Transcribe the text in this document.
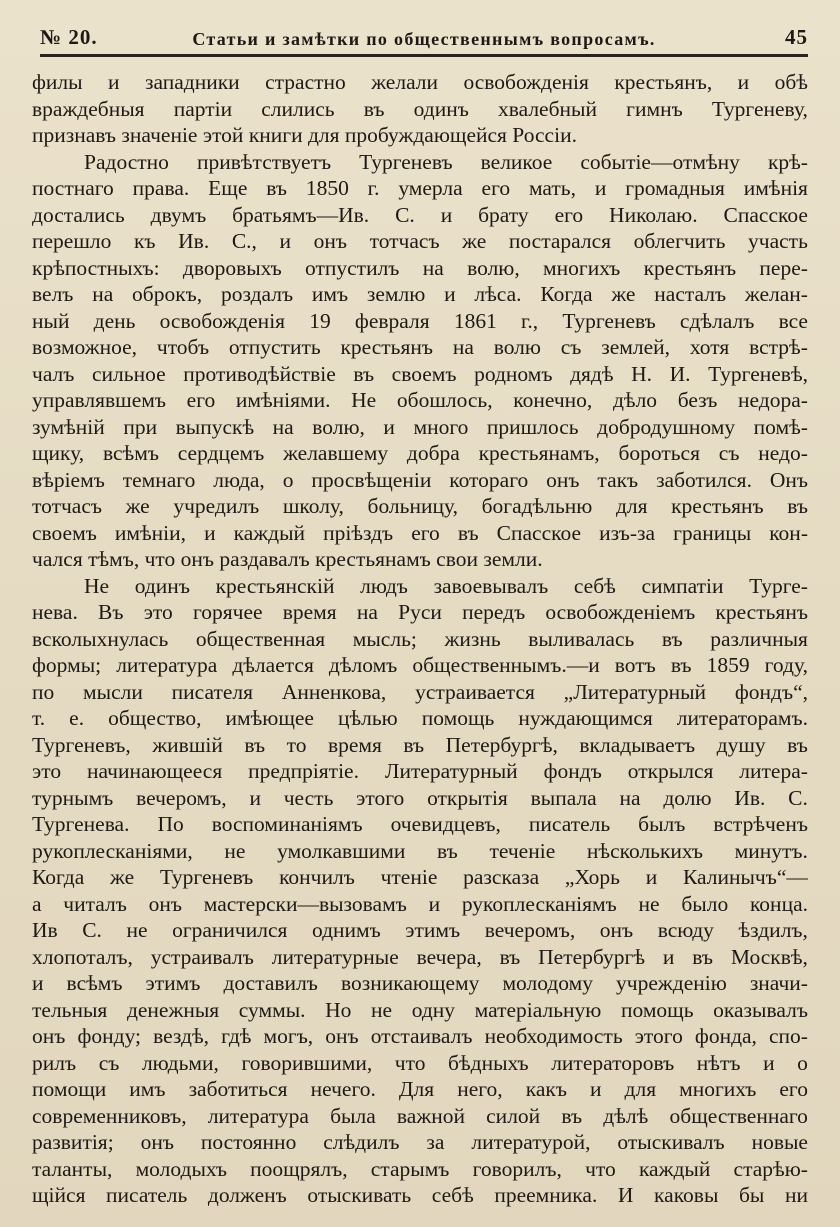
№ 20.	Статьи и замѣтки по общественнымъ вопросамъ.	45
филы и западники страстно желали освобожденія крестьянъ, и обѣ
враждебныя партіи слились въ одинъ хвалебный гимнъ Тургеневу,
признавъ значеніе этой книги для пробуждающейся Россіи.
Радостно привѣтствуетъ Тургеневъ великое событіе—отмѣну крѣ-
постнаго права. Еще въ 1850 г. умерла его мать, и громадныя имѣнія
достались двумъ братьямъ—Ив. С. и брату его Николаю. Спасское
перешло къ Ив. С., и онъ тотчасъ же постарался облегчить участь
крѣпостныхъ: дворовыхъ отпустилъ на волю, многихъ крестьянъ пере-
велъ на оброкъ, роздалъ имъ землю и лѣса. Когда же насталъ желан-
ный день освобожденія 19 февраля 1861 г., Тургеневъ сдѣлалъ все
возможное, чтобъ отпустить крестьянъ на волю съ землей, хотя встрѣ-
чалъ сильное противодѣйствіе въ своемъ родномъ дядѣ Н. И. Тургеневѣ,
управлявшемъ его имѣніями. Не обошлось, конечно, дѣло безъ недора-
зумѣній при выпускѣ на волю, и много пришлось добродушному помѣ-
щику, всѣмъ сердцемъ желавшему добра крестьянамъ, бороться съ недо-
вѣріемъ темнаго люда, о просвѣщеніи котораго онъ такъ заботился. Онъ
тотчасъ же учредилъ школу, больницу, богадѣльню для крестьянъ въ
своемъ имѣніи, и каждый пріѣздъ его въ Спасское изъ-за границы кон-
чался тѣмъ, что онъ раздавалъ крестьянамъ свои земли.
Не одинъ крестьянскій людъ завоевывалъ себѣ симпатіи Турге-
нева. Въ это горячее время на Руси передъ освобожденіемъ крестьянъ
всколыхнулась общественная мысль; жизнь выливалась въ различныя
формы; литература дѣлается дѣломъ общественнымъ.—и вотъ въ 1859 году,
по мысли писателя Анненкова, устраивается „Литературный фондъ“,
т. е. общество, имѣющее цѣлью помощь нуждающимся литераторамъ.
Тургеневъ, жившій въ то время въ Петербургѣ, вкладываетъ душу въ
это начинающееся предпріятіе. Литературный фондъ открылся литера-
турнымъ вечеромъ, и честь этого открытія выпала на долю Ив. С.
Тургенева. По воспоминаніямъ очевидцевъ, писатель былъ встрѣченъ
рукоплесканіями, не умолкавшими въ теченіе нѣсколькихъ минутъ.
Когда же Тургеневъ кончилъ чтеніе разсказа „Хорь и Калинычъ“—
а читалъ онъ мастерски—вызовамъ и рукоплесканіямъ не было конца.
Ив С. не ограничился однимъ этимъ вечеромъ, онъ всюду ѣздилъ,
хлопоталъ, устраивалъ литературные вечера, въ Петербургѣ и въ Москвѣ,
и всѣмъ этимъ доставилъ возникающему молодому учрежденію значи-
тельныя денежныя суммы. Но не одну матеріальную помощь оказывалъ
онъ фонду; вездѣ, гдѣ могъ, онъ отстаивалъ необходимость этого фонда, спо-
рилъ съ людьми, говорившими, что бѣдныхъ литераторовъ нѣтъ и о
помощи имъ заботиться нечего. Для него, какъ и для многихъ его
современниковъ, литература была важной силой въ дѣлѣ общественнаго
развитія; онъ постоянно слѣдилъ за литературой, отыскивалъ новые
таланты, молодыхъ поощрялъ, старымъ говорилъ, что каждый старѣю-
щійся писатель долженъ отыскивать себѣ преемника. И каковы бы ни
